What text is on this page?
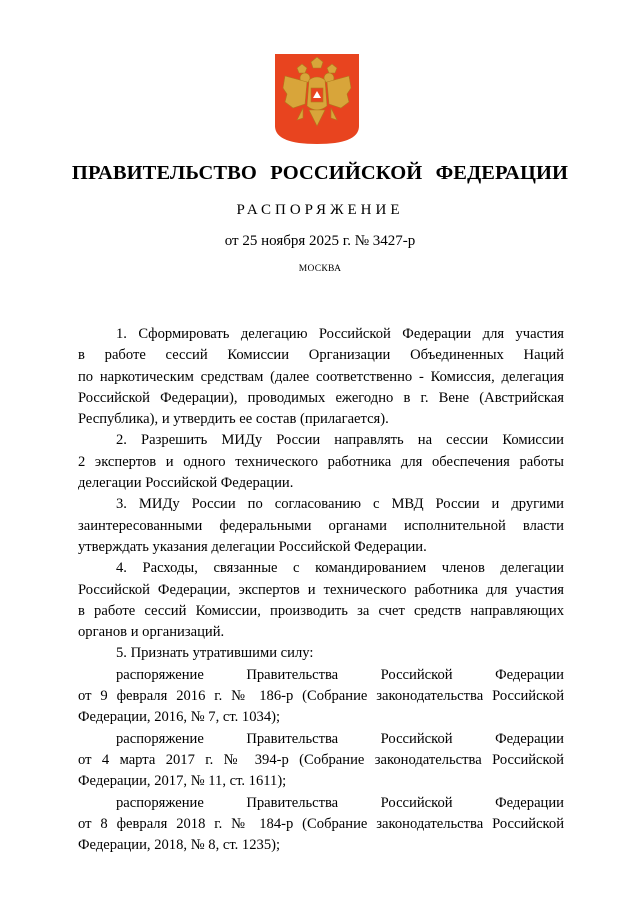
ПРАВИТЕЛЬСТВО РОССИЙСКОЙ ФЕДЕРАЦИИ
РАСПОРЯЖЕНИЕ
от 25 ноября 2025 г. № 3427-р
МОСКВА
1. Сформировать делегацию Российской Федерации для участия
в работе сессий Комиссии Организации Объединенных Наций
по наркотическим средствам (далее соответственно - Комиссия, делегация
Российской Федерации), проводимых ежегодно в г. Вене (Австрийская
Республика), и утвердить ее состав (прилагается).
2. Разрешить МИДу России направлять на сессии Комиссии
2 экспертов и одного технического работника для обеспечения работы
делегации Российской Федерации.
3. МИДу России по согласованию с МВД России и другими
заинтересованными федеральными органами исполнительной власти
утверждать указания делегации Российской Федерации.
4. Расходы, связанные с командированием членов делегации
Российской Федерации, экспертов и технического работника для участия
в работе сессий Комиссии, производить за счет средств направляющих
органов и организаций.
5. Признать утратившими силу:
распоряжение Правительства Российской Федерации
от 9 февраля 2016 г. № 186-р (Собрание законодательства Российской
Федерации, 2016, № 7, ст. 1034);
распоряжение Правительства Российской Федерации
от 4 марта 2017 г. № 394-р (Собрание законодательства Российской
Федерации, 2017, № 11, ст. 1611);
распоряжение Правительства Российской Федерации
от 8 февраля 2018 г. № 184-р (Собрание законодательства Российской
Федерации, 2018, № 8, ст. 1235);
